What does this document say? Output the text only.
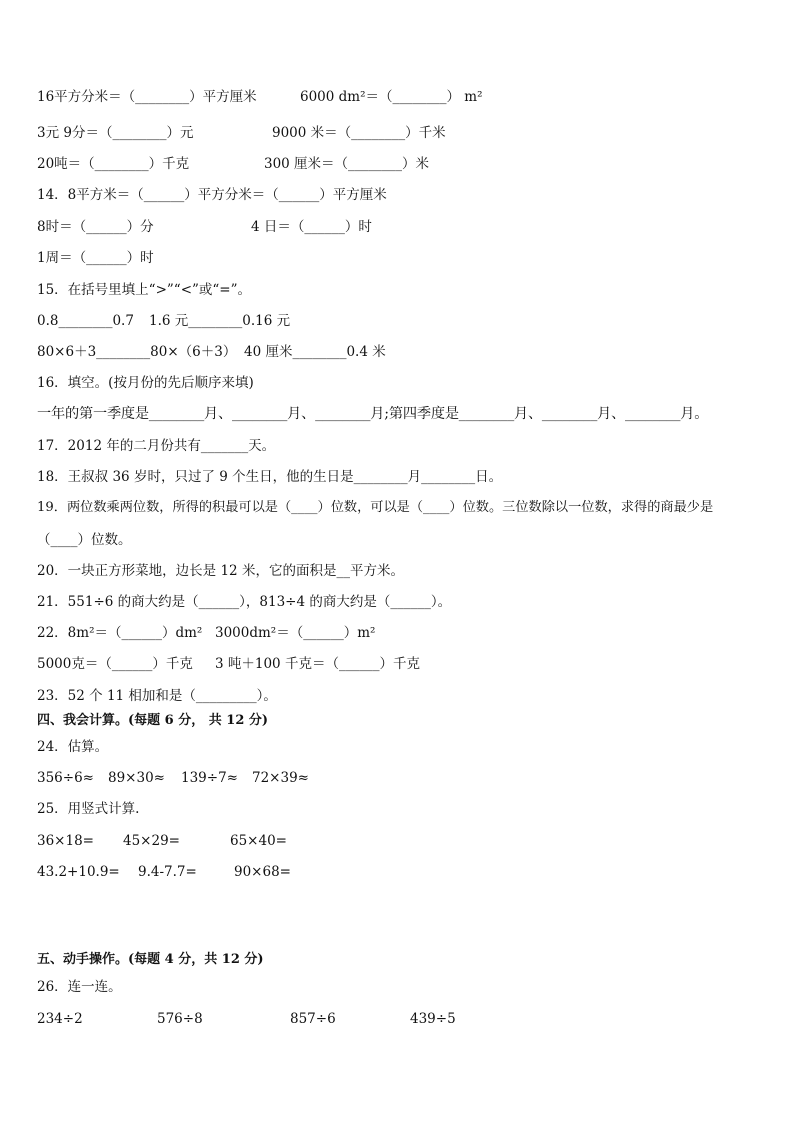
16平方分米＝（________）平方厘米	6000 dm²＝（________） m²
3元 9分＝（________）元	9000 米＝（________）千米
20吨＝（________）千克	300 厘米＝（________）米
14．8平方米＝（______）平方分米＝（______）平方厘米
8时＝（______）分	4 日＝（______）时
1周＝（______）时
15．在括号里填上“>”“<”或“=”。
0.8________0.7 1.6 元________0.16 元
80×6＋3________80×（6＋3） 40 厘米________0.4 米
16．填空。(按月份的先后顺序来填)
一年的第一季度是________月、________月、________月;第四季度是________月、________月、________月。
17．2012 年的二月份共有_______天。
18．王叔叔 36 岁时，只过了 9 个生日，他的生日是________月________日。
19．两位数乘两位数，所得的积最可以是（____）位数，可以是（____）位数。三位数除以一位数，求得的商最少是
（____）位数。
20．一块正方形菜地，边长是 12 米，它的面积是__平方米。
21．551÷6 的商大约是（______），813÷4 的商大约是（______）。
22．8m²＝（______）dm² 3000dm²＝（______）m²
5000克＝（______）千克 3 吨＋100 千克＝（______）千克
23．52 个 11 相加和是（_________）。
四、我会计算。(每题 6 分， 共 12 分)
24．估算。
356÷6≈ 89×30≈ 139÷7≈ 72×39≈
25．用竖式计算.
36×18= 45×29=	65×40=
43.2+10.9= 9.4-7.7=	90×68=
五、动手操作。(每题 4 分，共 12 分)
26．连一连。
234÷2	576÷8	857÷6	439÷5
